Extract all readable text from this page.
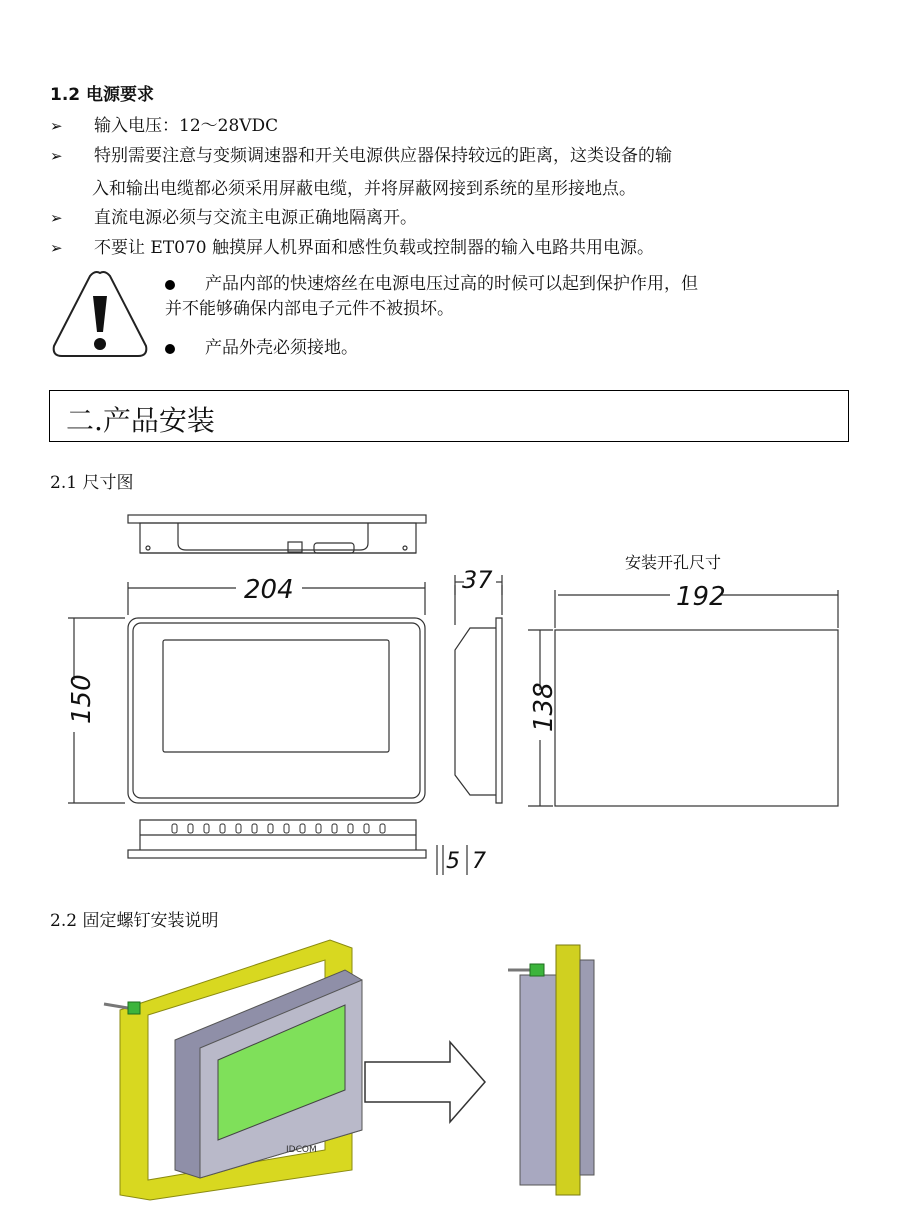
1.2 电源要求
➢ 输入电压：12～28VDC
➢ 特别需要注意与变频调速器和开关电源供应器保持较远的距离，这类设备的输
入和输出电缆都必须采用屏蔽电缆，并将屏蔽网接到系统的星形接地点。
➢ 直流电源必须与交流主电源正确地隔离开。
➢ 不要让 ET070 触摸屏人机界面和感性负载或控制器的输入电路共用电源。
产品内部的快速熔丝在电源电压过高的时候可以起到保护作用，但
并不能够确保内部电子元件不被损坏。
产品外壳必须接地。
二.产品安装
2.1 尺寸图
204	37
192
安装开孔尺寸
5 7
150	138
2.2 固定螺钉安装说明
IDCOM
